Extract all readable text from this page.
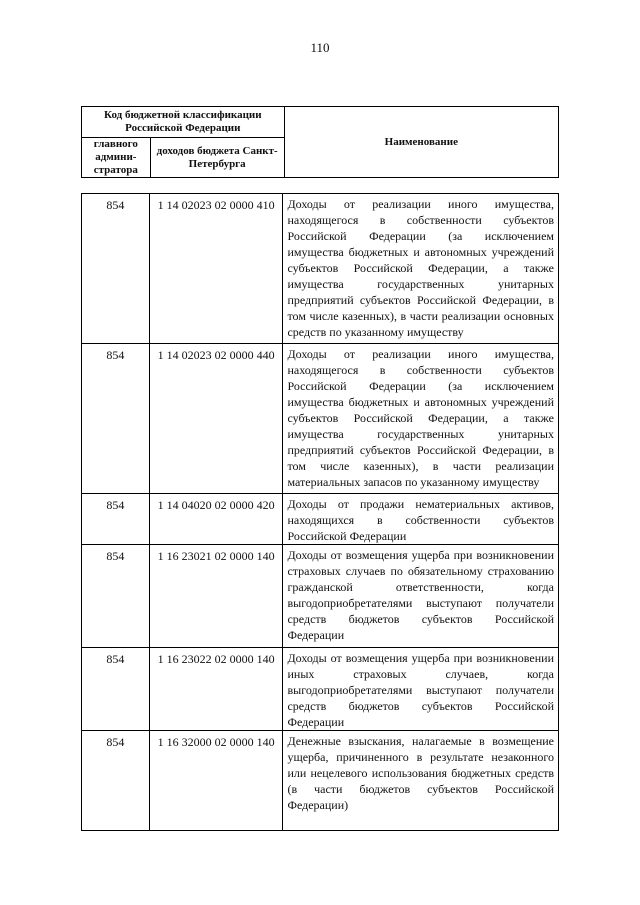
110
Код бюджетной классификации Российской Федерации		Наименование
главного админи-стратора	доходов бюджета Санкт-Петербурга	
854	1 14 02023 02 0000 410	Доходы от реализации иного имущества, находящегося в собственности субъектов Российской Федерации (за исключением имущества бюджетных и автономных учреждений субъектов Российской Федерации, а также имущества государственных унитарных предприятий субъектов Российской Федерации, в том числе казенных), в части реализации основных средств по указанному имуществу
854	1 14 02023 02 0000 440	Доходы от реализации иного имущества, находящегося в собственности субъектов Российской Федерации (за исключением имущества бюджетных и автономных учреждений субъектов Российской Федерации, а также имущества государственных унитарных предприятий субъектов Российской Федерации, в том числе казенных), в части реализации материальных запасов по указанному имуществу
854	1 14 04020 02 0000 420	Доходы от продажи нематериальных активов, находящихся в собственности субъектов Российской Федерации
854	1 16 23021 02 0000 140	Доходы от возмещения ущерба при возникновении страховых случаев по обязательному страхованию гражданской ответственности, когда выгодоприобретателями выступают получатели средств бюджетов субъектов Российской Федерации
854	1 16 23022 02 0000 140	Доходы от возмещения ущерба при возникновении иных страховых случаев, когда выгодоприобретателями выступают получатели средств бюджетов субъектов Российской Федерации
854	1 16 32000 02 0000 140	Денежные взыскания, налагаемые в возмещение ущерба, причиненного в результате незаконного или нецелевого использования бюджетных средств (в части бюджетов субъектов Российской Федерации)
